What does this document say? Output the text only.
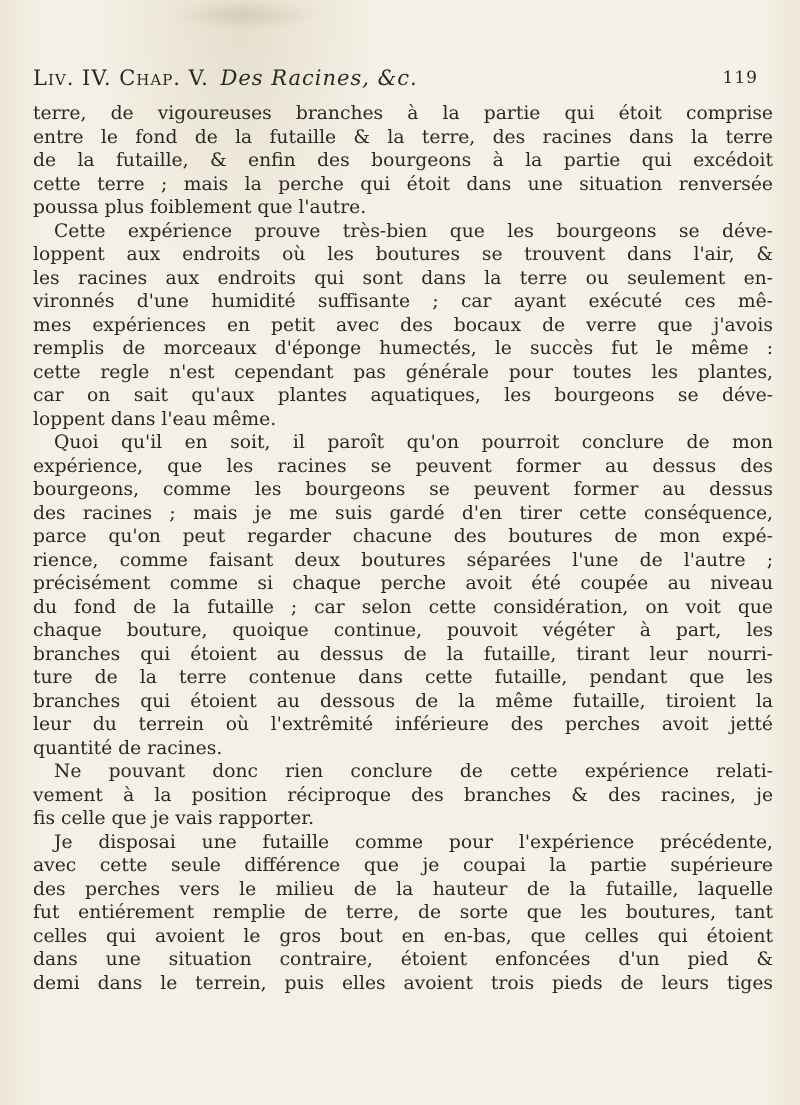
Liv. IV. Chap. V. Des Racines, &c.	119
terre, de vigoureuses branches à la partie qui étoit comprise
entre le fond de la futaille & la terre, des racines dans la terre
de la futaille, & enfin des bourgeons à la partie qui excédoit
cette terre ; mais la perche qui étoit dans une situation renversée
poussa plus foiblement que l'autre.
Cette expérience prouve très-bien que les bourgeons se déve-
loppent aux endroits où les boutures se trouvent dans l'air, &
les racines aux endroits qui sont dans la terre ou seulement en-
vironnés d'une humidité suffisante ; car ayant exécuté ces mê-
mes expériences en petit avec des bocaux de verre que j'avois
remplis de morceaux d'éponge humectés, le succès fut le même :
cette regle n'est cependant pas générale pour toutes les plantes,
car on sait qu'aux plantes aquatiques, les bourgeons se déve-
loppent dans l'eau même.
Quoi qu'il en soit, il paroît qu'on pourroit conclure de mon
expérience, que les racines se peuvent former au dessus des
bourgeons, comme les bourgeons se peuvent former au dessus
des racines ; mais je me suis gardé d'en tirer cette conséquence,
parce qu'on peut regarder chacune des boutures de mon expé-
rience, comme faisant deux boutures séparées l'une de l'autre ;
précisément comme si chaque perche avoit été coupée au niveau
du fond de la futaille ; car selon cette considération, on voit que
chaque bouture, quoique continue, pouvoit végéter à part, les
branches qui étoient au dessus de la futaille, tirant leur nourri-
ture de la terre contenue dans cette futaille, pendant que les
branches qui étoient au dessous de la même futaille, tiroient la
leur du terrein où l'extrêmité inférieure des perches avoit jetté
quantité de racines.
Ne pouvant donc rien conclure de cette expérience relati-
vement à la position réciproque des branches & des racines, je
fis celle que je vais rapporter.
Je disposai une futaille comme pour l'expérience précédente,
avec cette seule différence que je coupai la partie supérieure
des perches vers le milieu de la hauteur de la futaille, laquelle
fut entiérement remplie de terre, de sorte que les boutures, tant
celles qui avoient le gros bout en en-bas, que celles qui étoient
dans une situation contraire, étoient enfoncées d'un pied &
demi dans le terrein, puis elles avoient trois pieds de leurs tiges
